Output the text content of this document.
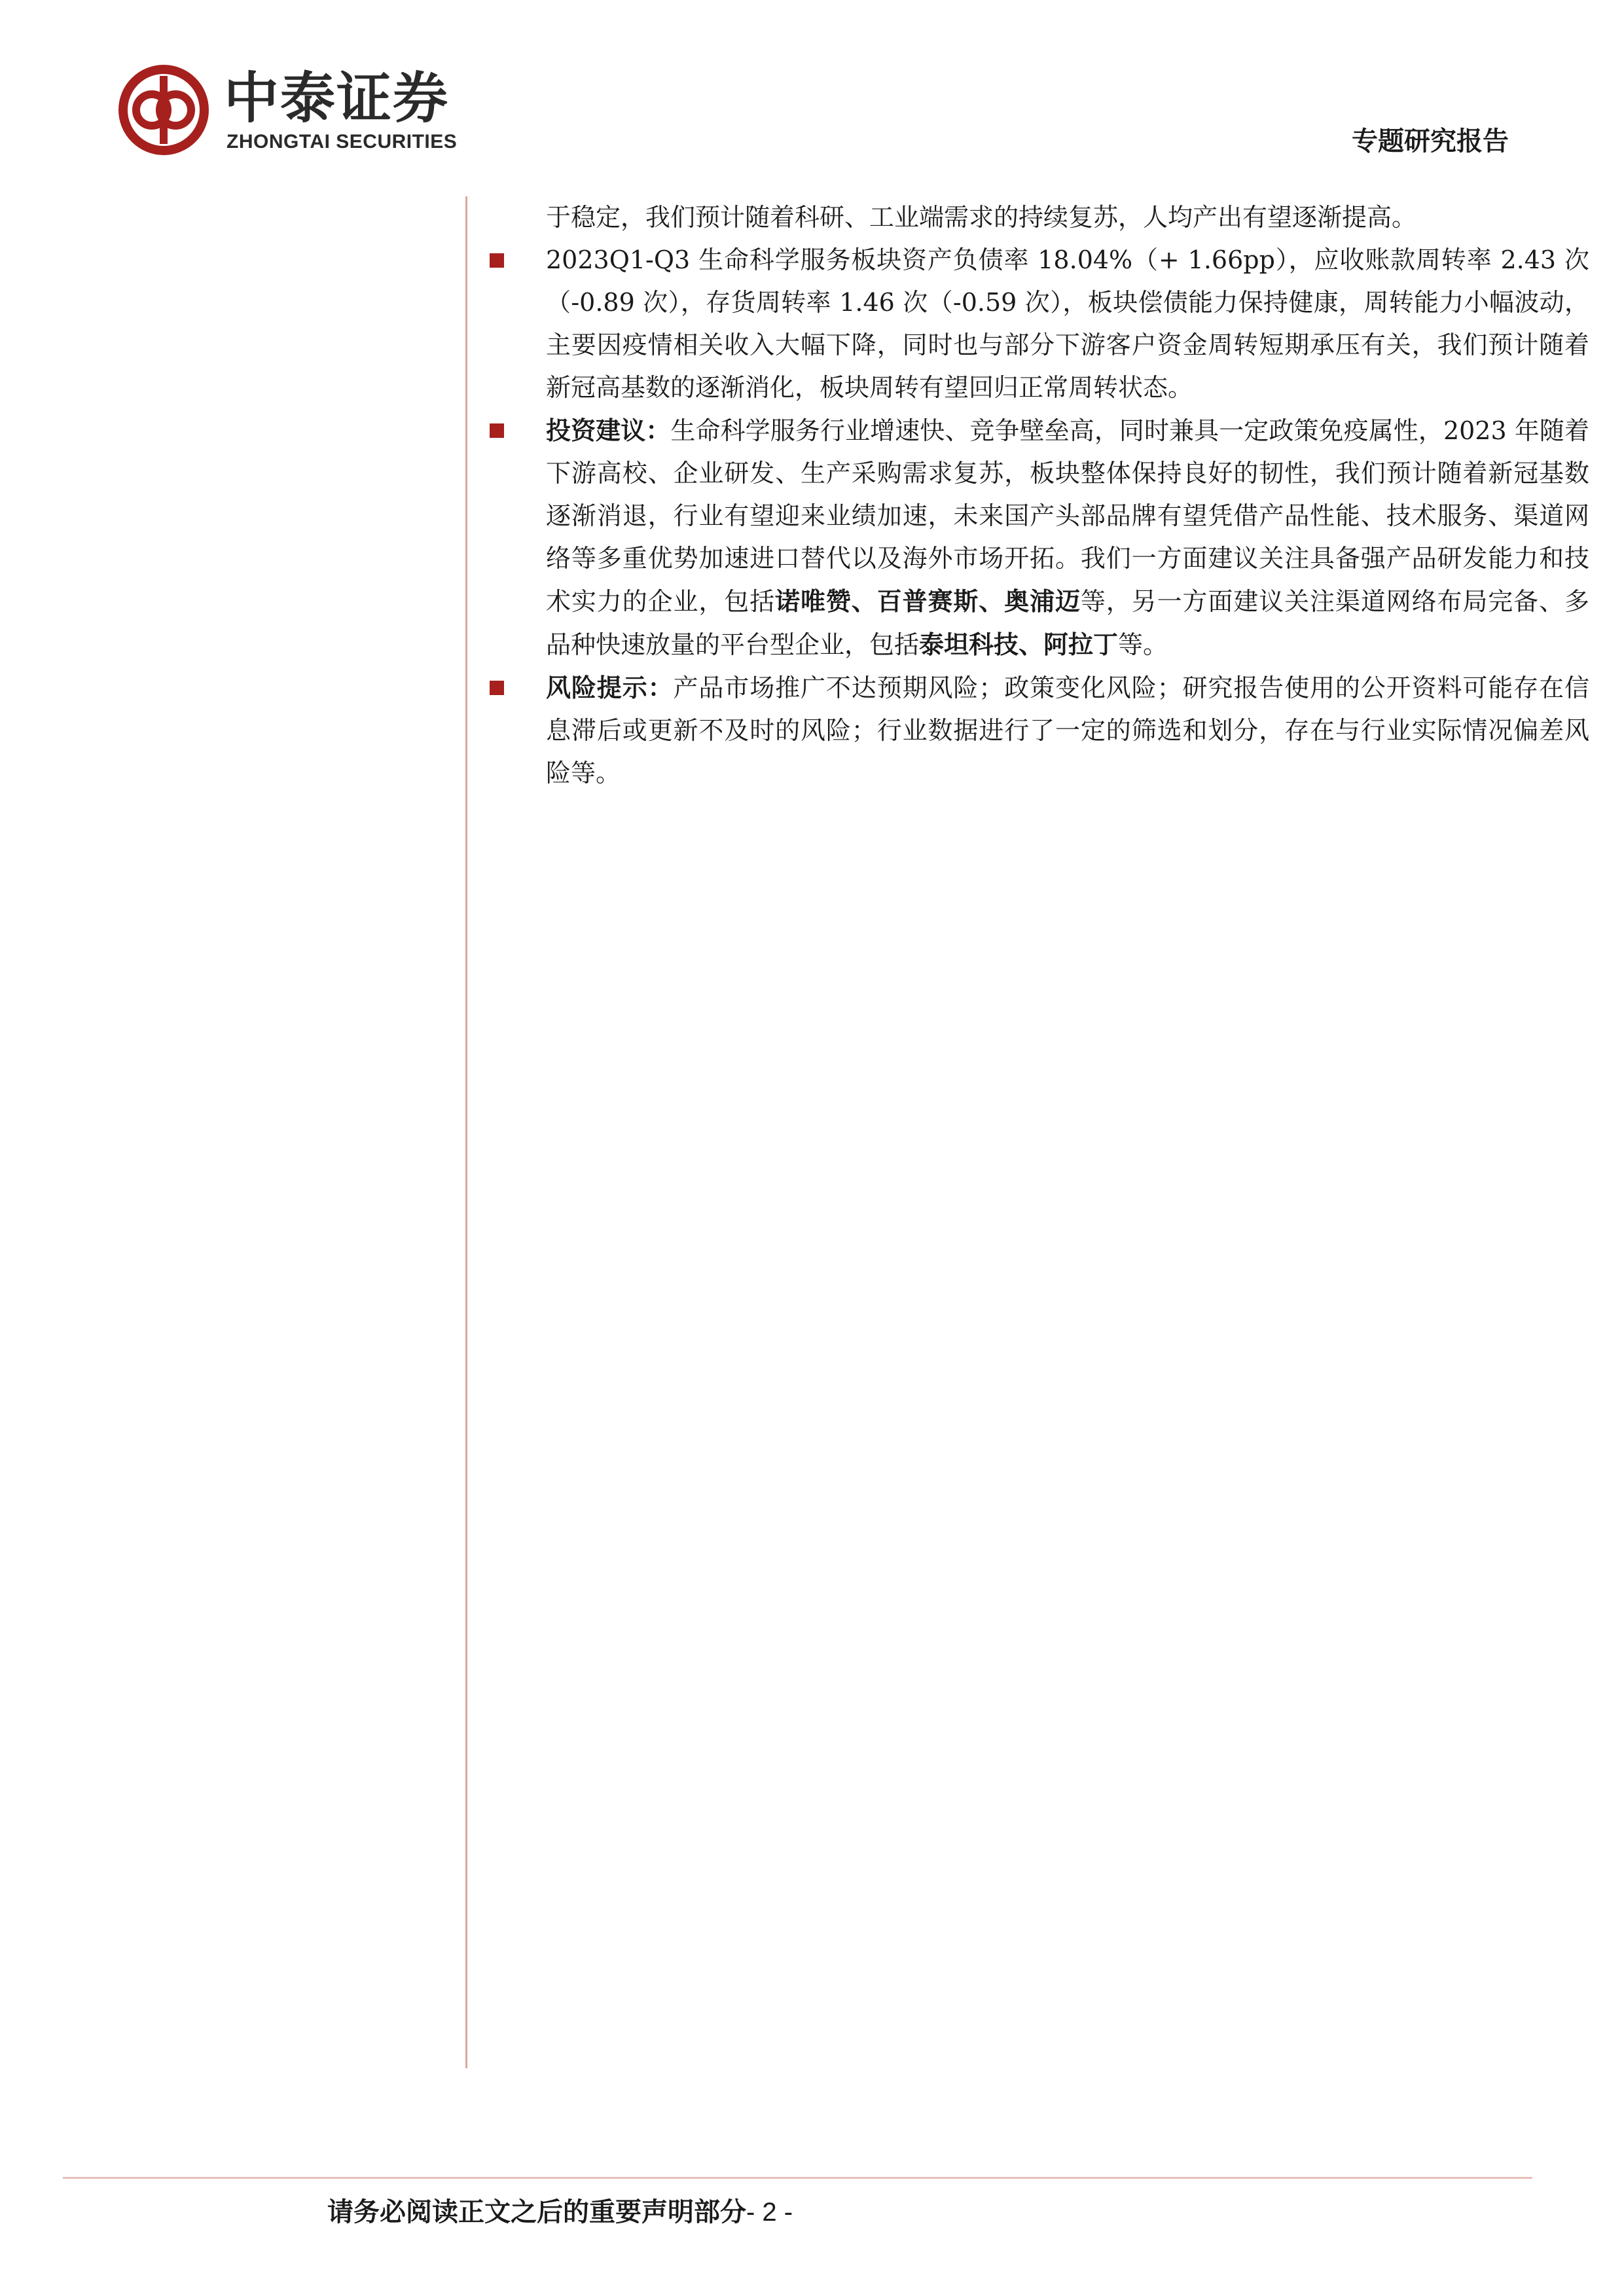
中泰证券
ZHONGTAI SECURITIES	专题研究报告

于稳定，我们预计随着科研、工业端需求的持续复苏，人均产出有望逐渐提高。

2023Q1-Q3 生命科学服务板块资产负债率 18.04%（+ 1.66pp），应收账款周转率 2.43 次（-0.89 次），存货周转率 1.46 次（-0.59 次），板块偿债能力保持健康，周转能力小幅波动，主要因疫情相关收入大幅下降，同时也与部分下游客户资金周转短期承压有关，我们预计随着新冠高基数的逐渐消化，板块周转有望回归正常周转状态。

投资建议：生命科学服务行业增速快、竞争壁垒高，同时兼具一定政策免疫属性，2023 年随着下游高校、企业研发、生产采购需求复苏，板块整体保持良好的韧性，我们预计随着新冠基数逐渐消退，行业有望迎来业绩加速，未来国产头部品牌有望凭借产品性能、技术服务、渠道网络等多重优势加速进口替代以及海外市场开拓。我们一方面建议关注具备强产品研发能力和技术实力的企业，包括诺唯赞、百普赛斯、奥浦迈等，另一方面建议关注渠道网络布局完备、多品种快速放量的平台型企业，包括泰坦科技、阿拉丁等。

风险提示：产品市场推广不达预期风险；政策变化风险；研究报告使用的公开资料可能存在信息滞后或更新不及时的风险；行业数据进行了一定的筛选和划分，存在与行业实际情况偏差风险等。

请务必阅读正文之后的重要声明部分- 2 -
